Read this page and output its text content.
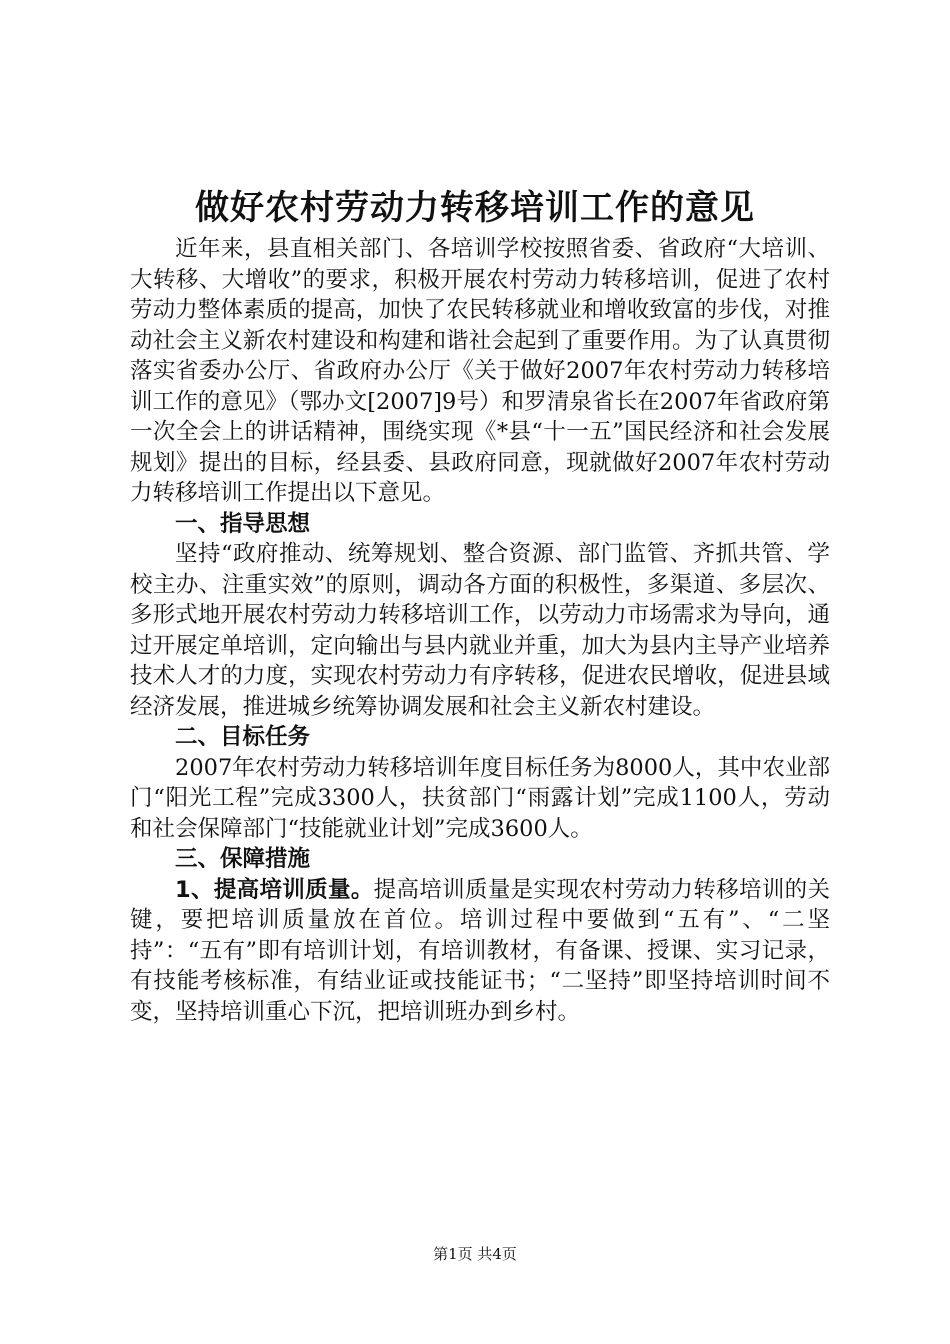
做好农村劳动力转移培训工作的意见

近年来，县直相关部门、各培训学校按照省委、省政府“大培训、大转移、大增收”的要求，积极开展农村劳动力转移培训，促进了农村劳动力整体素质的提高，加快了农民转移就业和增收致富的步伐，对推动社会主义新农村建设和构建和谐社会起到了重要作用。为了认真贯彻落实省委办公厅、省政府办公厅《关于做好2007年农村劳动力转移培训工作的意见》（鄂办文[2007]9号）和罗清泉省长在2007年省政府第一次全会上的讲话精神，围绕实现《*县“十一五”国民经济和社会发展规划》提出的目标，经县委、县政府同意，现就做好2007年农村劳动力转移培训工作提出以下意见。

一、指导思想

坚持“政府推动、统筹规划、整合资源、部门监管、齐抓共管、学校主办、注重实效”的原则，调动各方面的积极性，多渠道、多层次、多形式地开展农村劳动力转移培训工作，以劳动力市场需求为导向，通过开展定单培训，定向输出与县内就业并重，加大为县内主导产业培养技术人才的力度，实现农村劳动力有序转移，促进农民增收，促进县域经济发展，推进城乡统筹协调发展和社会主义新农村建设。

二、目标任务

2007年农村劳动力转移培训年度目标任务为8000人，其中农业部门“阳光工程”完成3300人，扶贫部门“雨露计划”完成1100人，劳动和社会保障部门“技能就业计划”完成3600人。

三、保障措施

1、提高培训质量。提高培训质量是实现农村劳动力转移培训的关键，要把培训质量放在首位。培训过程中要做到“五有”、“二坚持”：“五有”即有培训计划，有培训教材，有备课、授课、实习记录，有技能考核标准，有结业证或技能证书；“二坚持”即坚持培训时间不变，坚持培训重心下沉，把培训班办到乡村。

第1页 共4页
